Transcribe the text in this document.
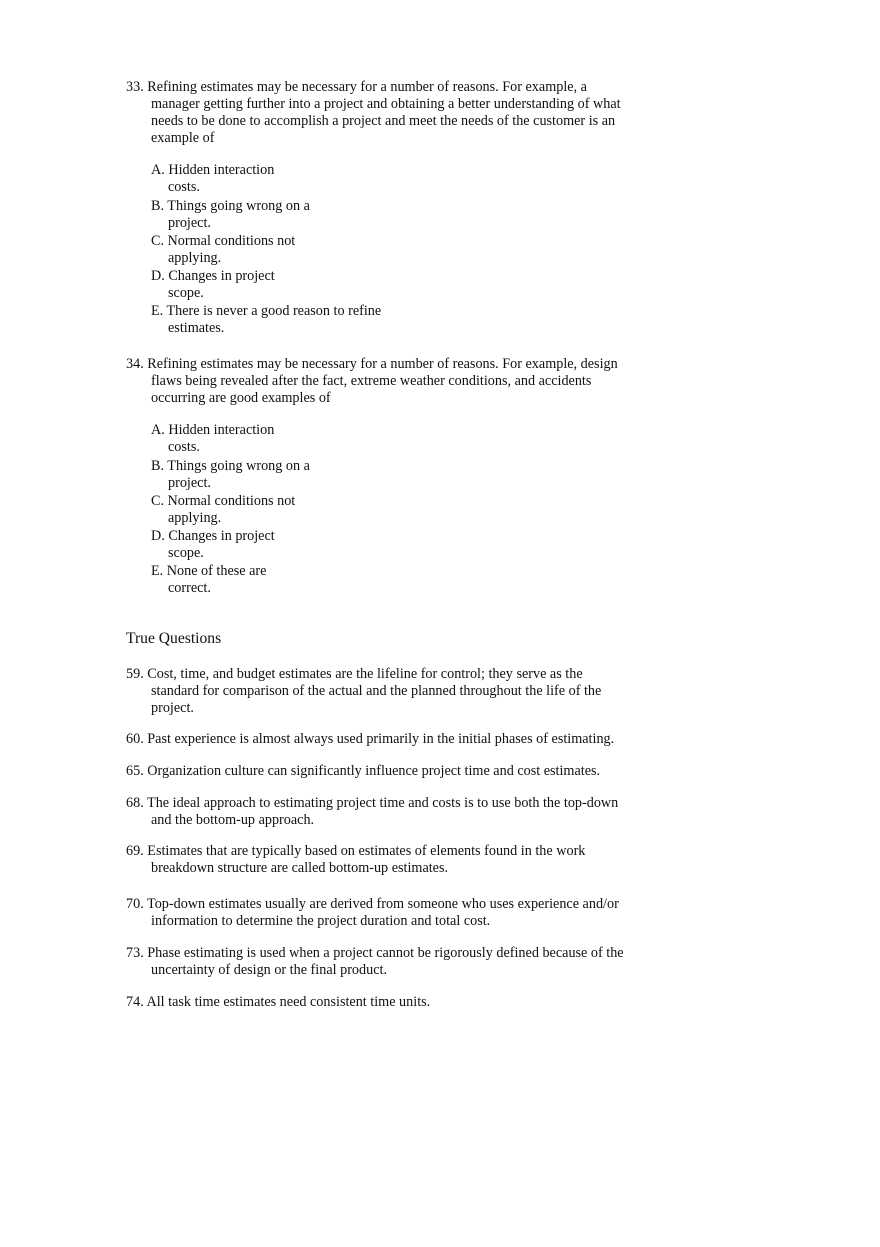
33. Refining estimates may be necessary for a number of reasons. For example, a
manager getting further into a project and obtaining a better understanding of what
needs to be done to accomplish a project and meet the needs of the customer is an
example of
A. Hidden interaction
costs.
B. Things going wrong on a
project.
C. Normal conditions not
applying.
D. Changes in project
scope.
E. There is never a good reason to refine
estimates.
34. Refining estimates may be necessary for a number of reasons. For example, design
flaws being revealed after the fact, extreme weather conditions, and accidents
occurring are good examples of
A. Hidden interaction
costs.
B. Things going wrong on a
project.
C. Normal conditions not
applying.
D. Changes in project
scope.
E. None of these are
correct.
True Questions
59. Cost, time, and budget estimates are the lifeline for control; they serve as the
standard for comparison of the actual and the planned throughout the life of the
project.
60. Past experience is almost always used primarily in the initial phases of estimating.
65. Organization culture can significantly influence project time and cost estimates.
68. The ideal approach to estimating project time and costs is to use both the top-down
and the bottom-up approach.
69. Estimates that are typically based on estimates of elements found in the work
breakdown structure are called bottom-up estimates.
70. Top-down estimates usually are derived from someone who uses experience and/or
information to determine the project duration and total cost.
73. Phase estimating is used when a project cannot be rigorously defined because of the
uncertainty of design or the final product.
74. All task time estimates need consistent time units.
